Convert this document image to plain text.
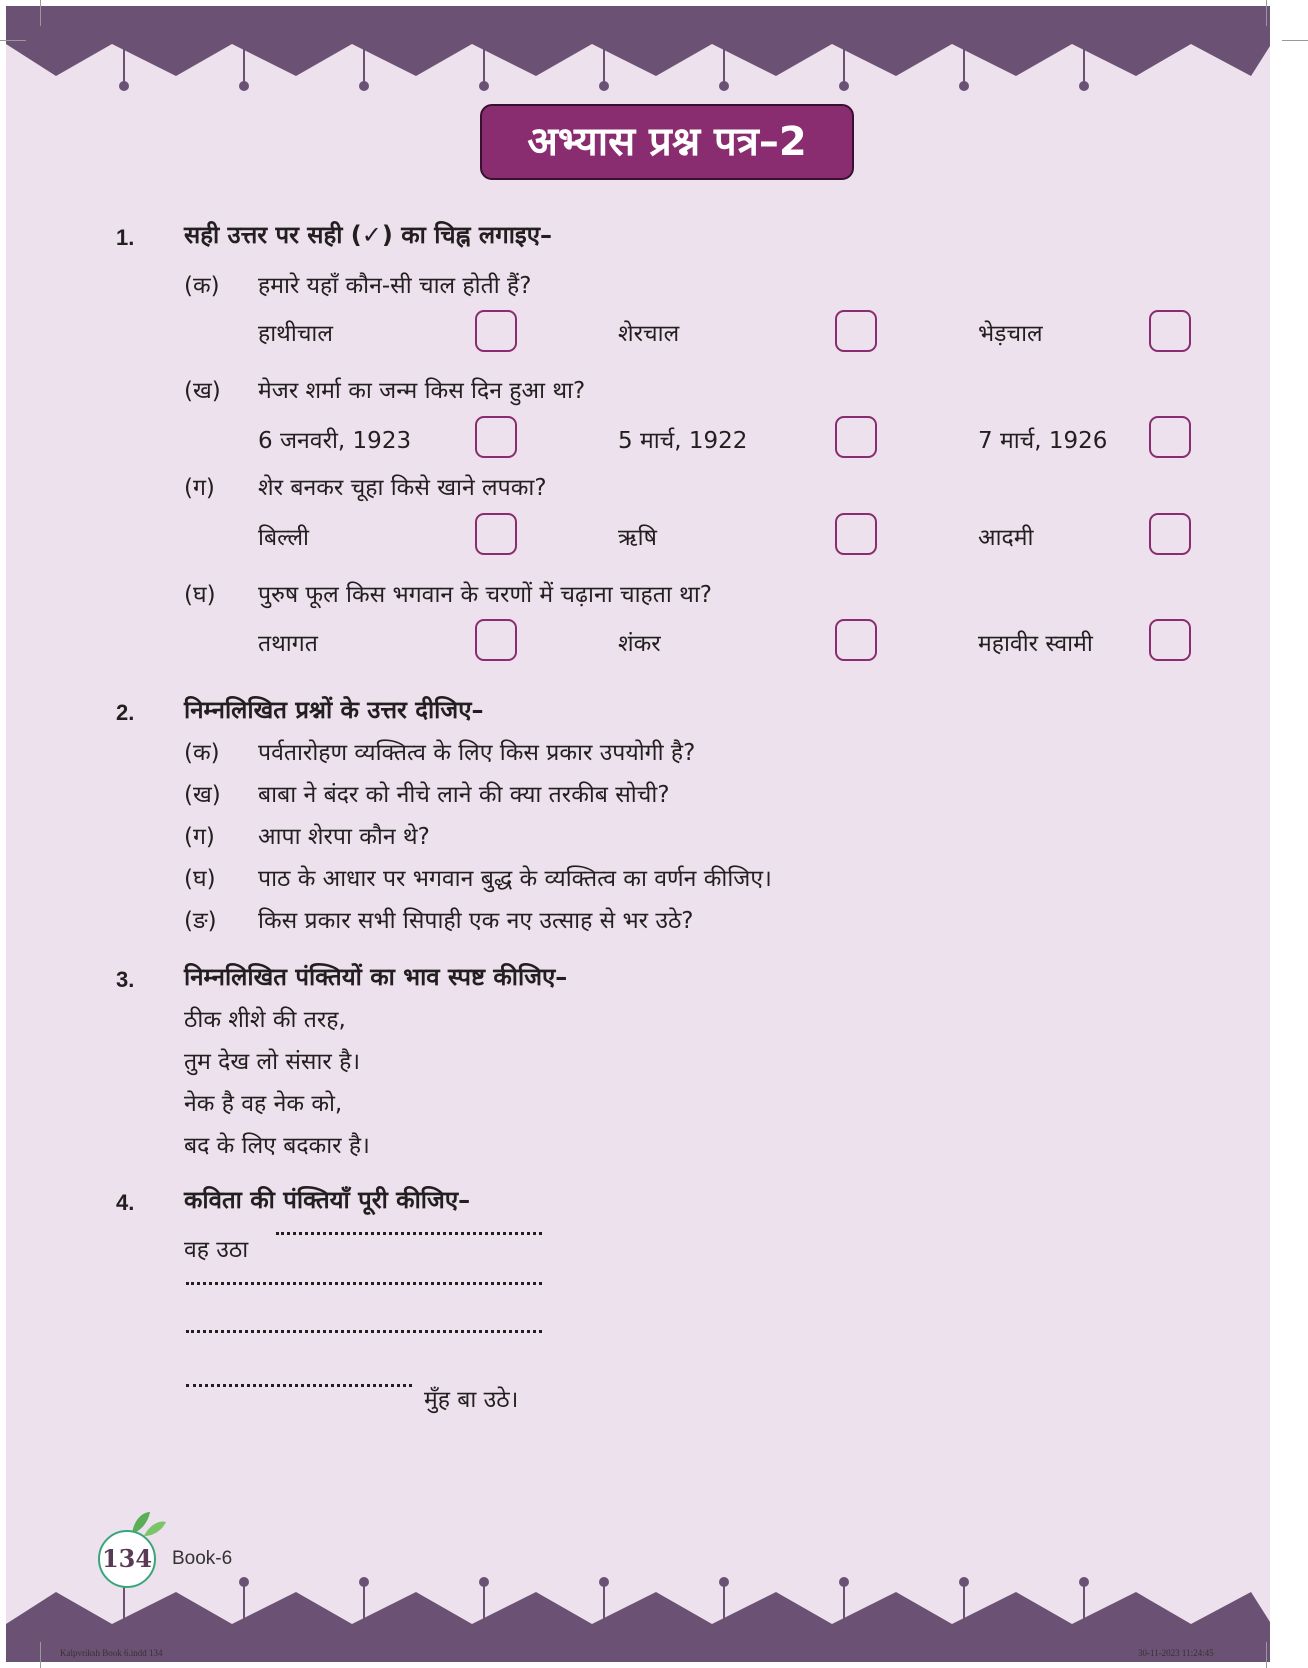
अभ्यास प्रश्न पत्र–2
1. सही उत्तर पर सही (✓) का चिह्न लगाइए–
(क) हमारे यहाँ कौन-सी चाल होती हैं?
हाथीचाल	शेरचाल	भेड़चाल
(ख) मेजर शर्मा का जन्म किस दिन हुआ था?
6 जनवरी, 1923	5 मार्च, 1922	7 मार्च, 1926
(ग) शेर बनकर चूहा किसे खाने लपका?
बिल्ली	ऋषि	आदमी
(घ) पुरुष फूल किस भगवान के चरणों में चढ़ाना चाहता था?
तथागत	शंकर	महावीर स्वामी
2. निम्नलिखित प्रश्नों के उत्तर दीजिए–
(क) पर्वतारोहण व्यक्तित्व के लिए किस प्रकार उपयोगी है?
(ख) बाबा ने बंदर को नीचे लाने की क्या तरकीब सोची?
(ग) आपा शेरपा कौन थे?
(घ) पाठ के आधार पर भगवान बुद्ध के व्यक्तित्व का वर्णन कीजिए।
(ङ) किस प्रकार सभी सिपाही एक नए उत्साह से भर उठे?
3. निम्नलिखित पंक्तियों का भाव स्पष्ट कीजिए–
ठीक शीशे की तरह,
तुम देख लो संसार है।
नेक है वह नेक को,
बद के लिए बदकार है।
4. कविता की पंक्तियाँ पूरी कीजिए–
वह उठा
मुँह बा उठे।
134 Book-6
Kalpvriksh Book 6.indd 134	30-11-2023 11:24:45
